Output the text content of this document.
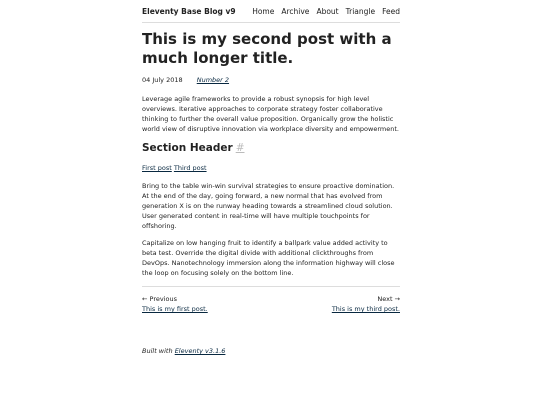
Eleventy Base Blog v9 Home Archive About Triangle Feed
This is my second post with a much longer title.
04 July 2018 Number 2

Leverage agile frameworks to provide a robust synopsis for high level overviews. Iterative approaches to corporate strategy foster collaborative thinking to further the overall value proposition. Organically grow the holistic world view of disruptive innovation via workplace diversity and empowerment.

Section Header #
First post Third post

Bring to the table win-win survival strategies to ensure proactive domination. At the end of the day, going forward, a new normal that has evolved from generation X is on the runway heading towards a streamlined cloud solution. User generated content in real-time will have multiple touchpoints for offshoring.

Capitalize on low hanging fruit to identify a ballpark value added activity to beta test. Override the digital divide with additional clickthroughs from DevOps. Nanotechnology immersion along the information highway will close the loop on focusing solely on the bottom line.

← Previous
This is my first post.
Next →
This is my third post.
Built with Eleventy v3.1.6
